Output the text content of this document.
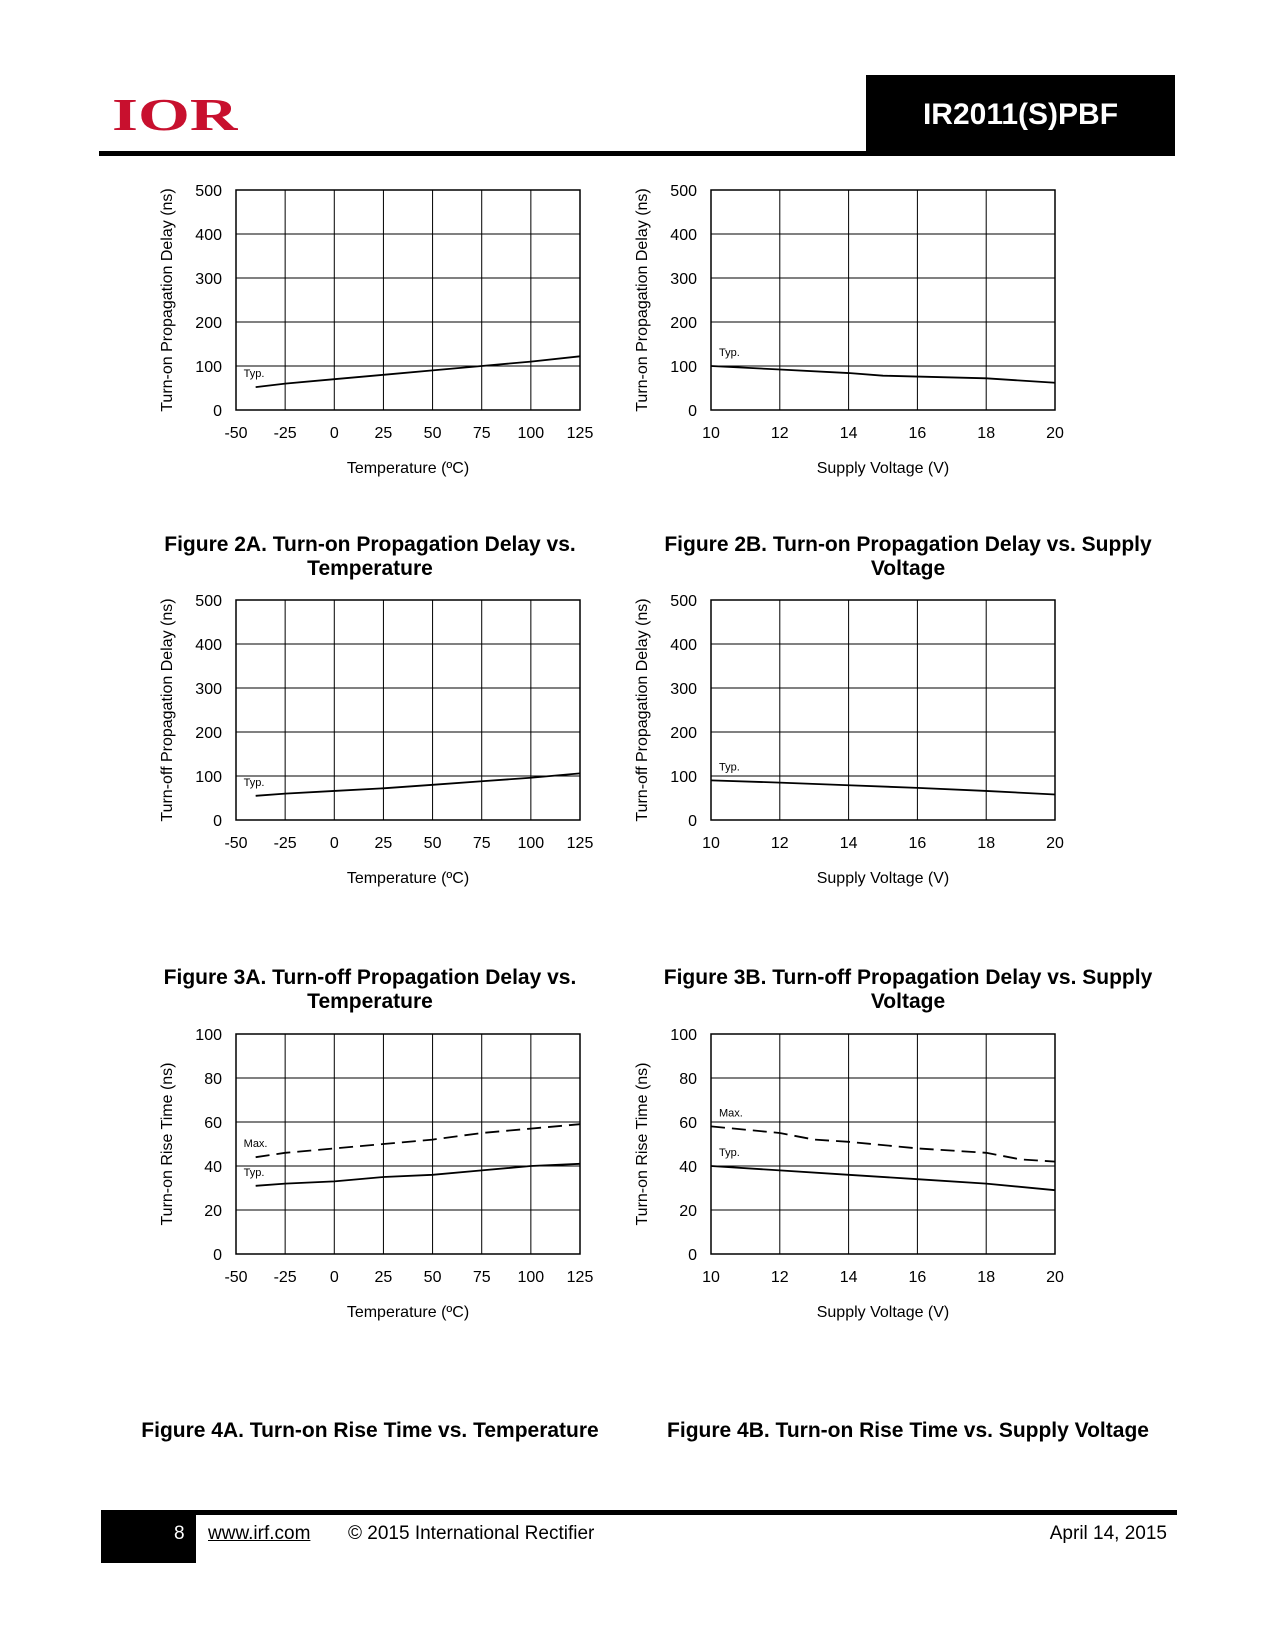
IOR	IR2011(S)PBF
-50 -25 0 25 50 75 100 125
0
100
200
300
400
500
Temperature (ºC)
Turn-on Propagation Delay (ns)	Typ.
10	12	14	16	18	20
0
100
200
300
400
500
Supply Voltage (V)
Turn-on Propagation Delay (ns)	Typ.
-50 -25 0 25 50 75 100 125
0
100
200
300
400
500
Temperature (ºC)
Turn-off Propagation Delay (ns)	Typ.
10	12	14	16	18	20
0
100
200
300
400
500
Supply Voltage (V)
Turn-off Propagation Delay (ns)	Typ.
-50 -25 0 25 50 75 100 125
0
20
40
60
80
100
Temperature (ºC)
Turn-on Rise Time (ns)	Max.
Typ.
10	12	14	16	18	20
0
20
40
60
80
100
Supply Voltage (V)
Turn-on Rise Time (ns)	Max.
Typ.
Figure 2A. Turn-on Propagation Delay vs.
Temperature
Figure 2B. Turn-on Propagation Delay vs. Supply
Voltage
Figure 3A. Turn-off Propagation Delay vs.
Temperature
Figure 3B. Turn-off Propagation Delay vs. Supply
Voltage
Figure 4A. Turn-on Rise Time vs. Temperature	Figure 4B. Turn-on Rise Time vs. Supply Voltage
8 www.irf.com © 2015 International Rectifier	April 14, 2015
